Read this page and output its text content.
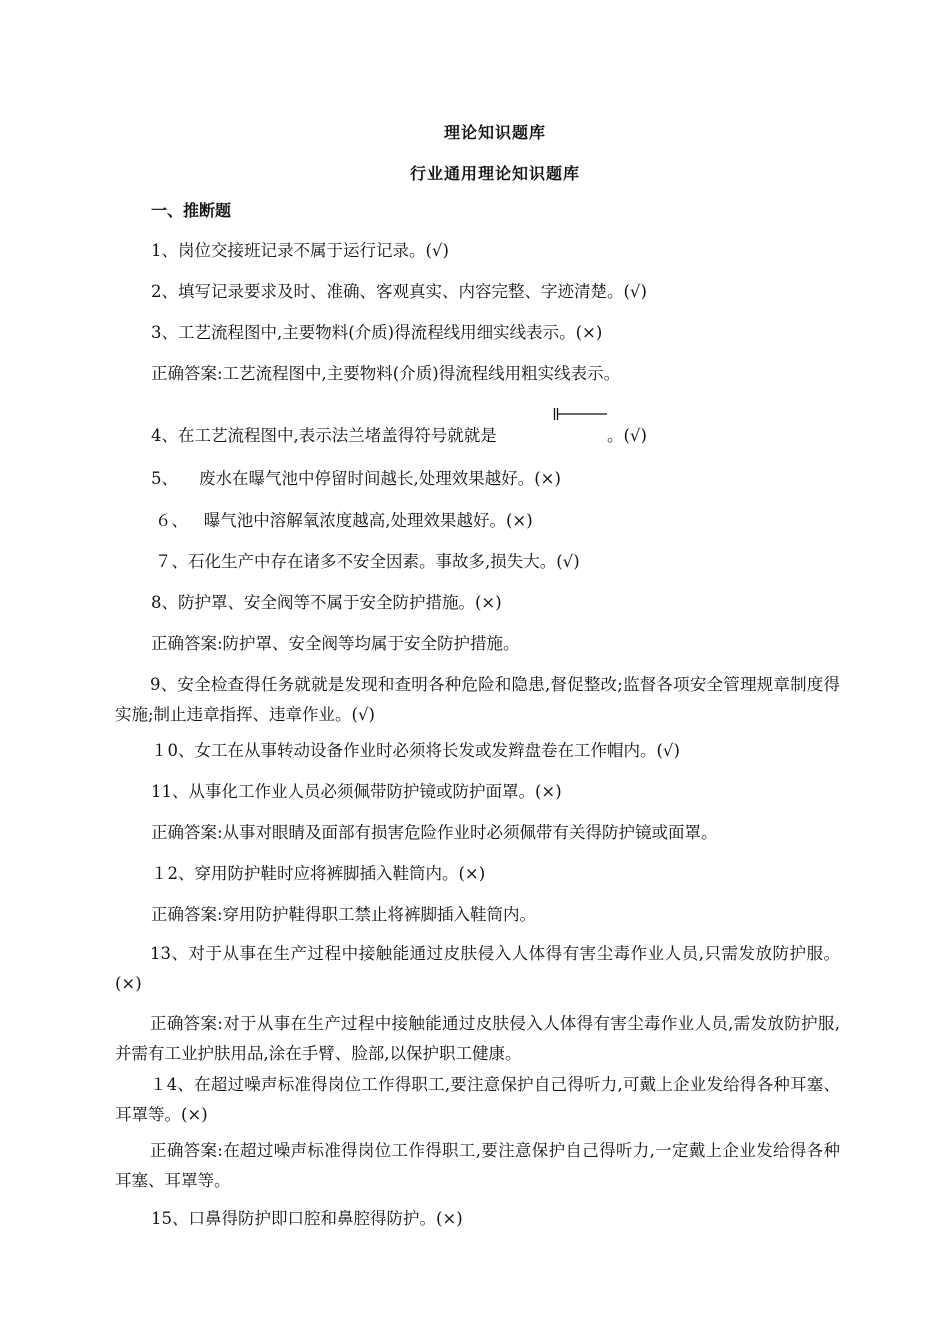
理论知识题库
行业通用理论知识题库
一、推断题
1、岗位交接班记录不属于运行记录。(√)
2、填写记录要求及时、准确、客观真实、内容完整、字迹清楚。(√)
3、工艺流程图中,主要物料(介质)得流程线用细实线表示。(×)
正确答案:工艺流程图中,主要物料(介质)得流程线用粗实线表示。
4、在工艺流程图中,表示法兰堵盖得符号就就是	。(√)
5、    废水在曝气池中停留时间越长,处理效果越好。(×)
６、   曝气池中溶解氧浓度越高,处理效果越好。(×)
７、石化生产中存在诸多不安全因素。事故多,损失大。(√)
8、防护罩、安全阀等不属于安全防护措施。(×)
正确答案:防护罩、安全阀等均属于安全防护措施。
9、安全检查得任务就就是发现和查明各种危险和隐患,督促整改;监督各项安全管理规章制度得实施;制止违章指挥、违章作业。(√)
１0、女工在从事转动设备作业时必须将长发或发辫盘卷在工作帽内。(√)
11、从事化工作业人员必须佩带防护镜或防护面罩。(×)
正确答案:从事对眼睛及面部有损害危险作业时必须佩带有关得防护镜或面罩。
１2、穿用防护鞋时应将裤脚插入鞋筒内。(×)
正确答案:穿用防护鞋得职工禁止将裤脚插入鞋筒内。
13、对于从事在生产过程中接触能通过皮肤侵入人体得有害尘毒作业人员,只需发放防护服。(×)
正确答案:对于从事在生产过程中接触能通过皮肤侵入人体得有害尘毒作业人员,需发放防护服,并需有工业护肤用品,涂在手臂、脸部,以保护职工健康。
１4、在超过噪声标准得岗位工作得职工,要注意保护自己得听力,可戴上企业发给得各种耳塞、耳罩等。(×)
正确答案:在超过噪声标准得岗位工作得职工,要注意保护自己得听力,一定戴上企业发给得各种耳塞、耳罩等。
15、口鼻得防护即口腔和鼻腔得防护。(×)
